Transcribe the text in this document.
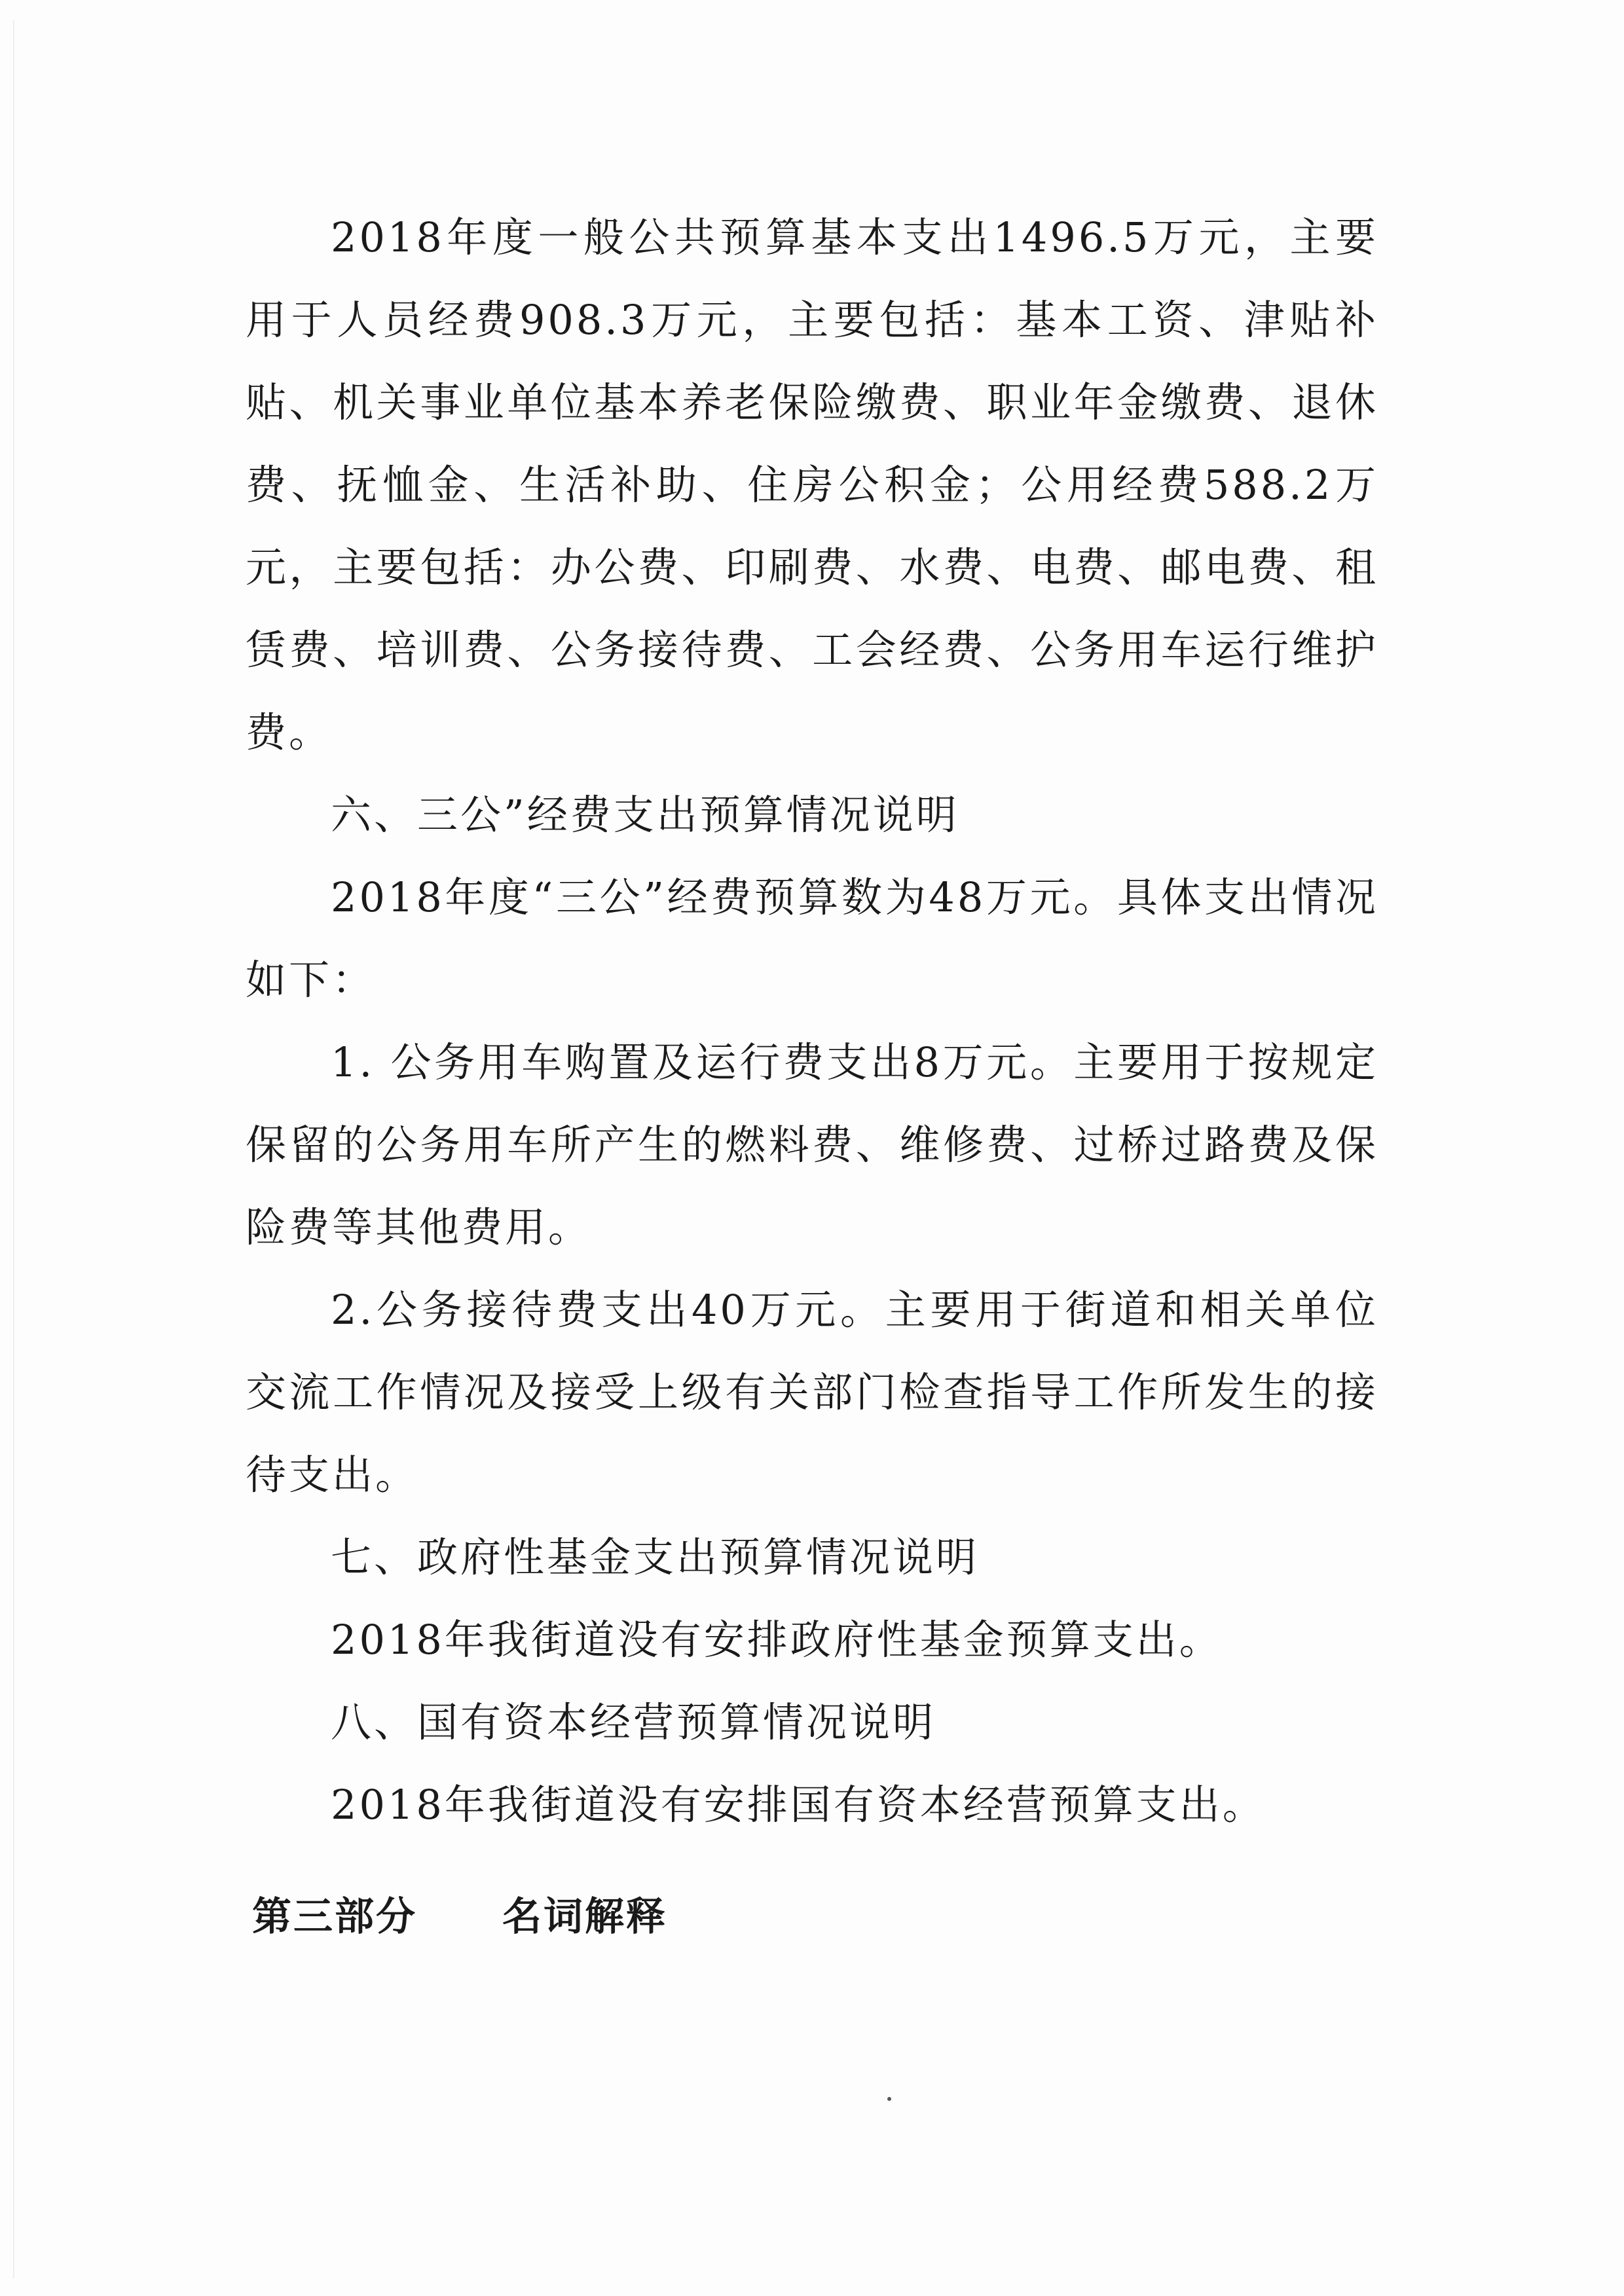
2018年度一般公共预算基本支出1496.5万元，主要用于人员经费908.3万元，主要包括：基本工资、津贴补贴、机关事业单位基本养老保险缴费、职业年金缴费、退休费、抚恤金、生活补助、住房公积金；公用经费588.2万元，主要包括：办公费、印刷费、水费、电费、邮电费、租赁费、培训费、公务接待费、工会经费、公务用车运行维护费。

六、三公”经费支出预算情况说明

2018年度“三公”经费预算数为48万元。具体支出情况如下：

1. 公务用车购置及运行费支出8万元。主要用于按规定保留的公务用车所产生的燃料费、维修费、过桥过路费及保险费等其他费用。

2.公务接待费支出40万元。主要用于街道和相关单位交流工作情况及接受上级有关部门检查指导工作所发生的接待支出。

七、政府性基金支出预算情况说明

2018年我街道没有安排政府性基金预算支出。

八、国有资本经营预算情况说明

2018年我街道没有安排国有资本经营预算支出。

第三部分 名词解释
